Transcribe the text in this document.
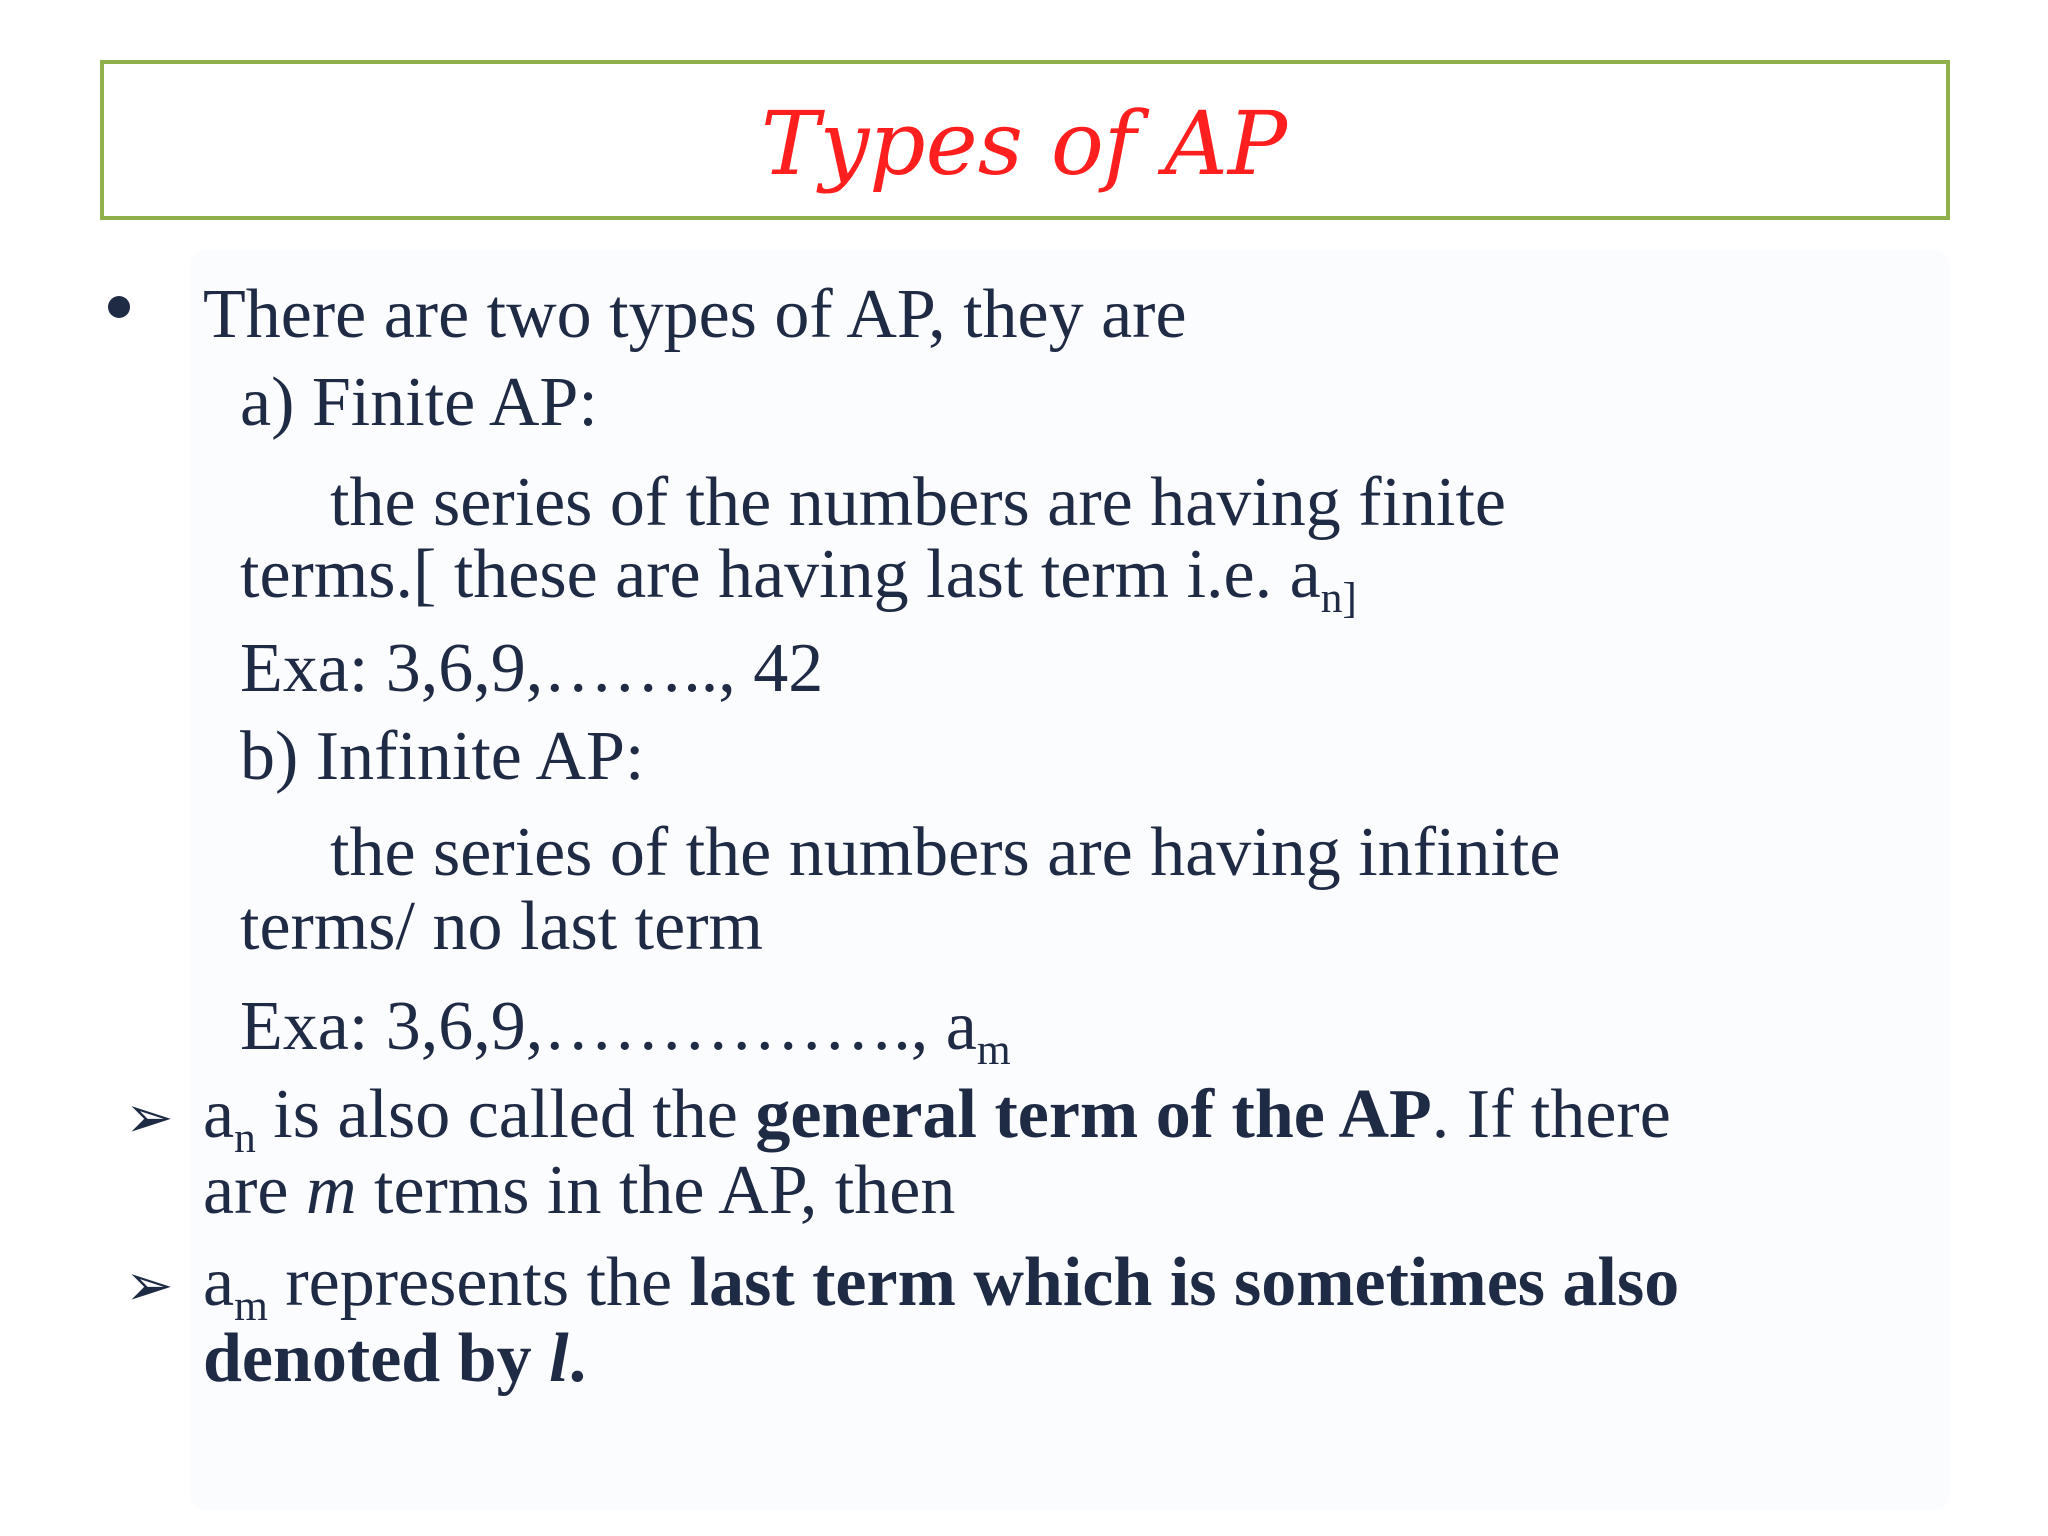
Types of AP
There are two types of AP, they are
a) Finite AP:
the series of the numbers are having finite
terms.[ these are having last term i.e. $a_{n]}$
Exa: 3,6,9,…….., 42
b) Infinite AP:
the series of the numbers are having infinite
terms/ no last term
Exa: 3,6,9,……………., $a_m$
➢ $a_n$ is also called the general term of the AP. If there
are m terms in the AP, then
➢ $a_m$ represents the last term which is sometimes also
denoted by l.
